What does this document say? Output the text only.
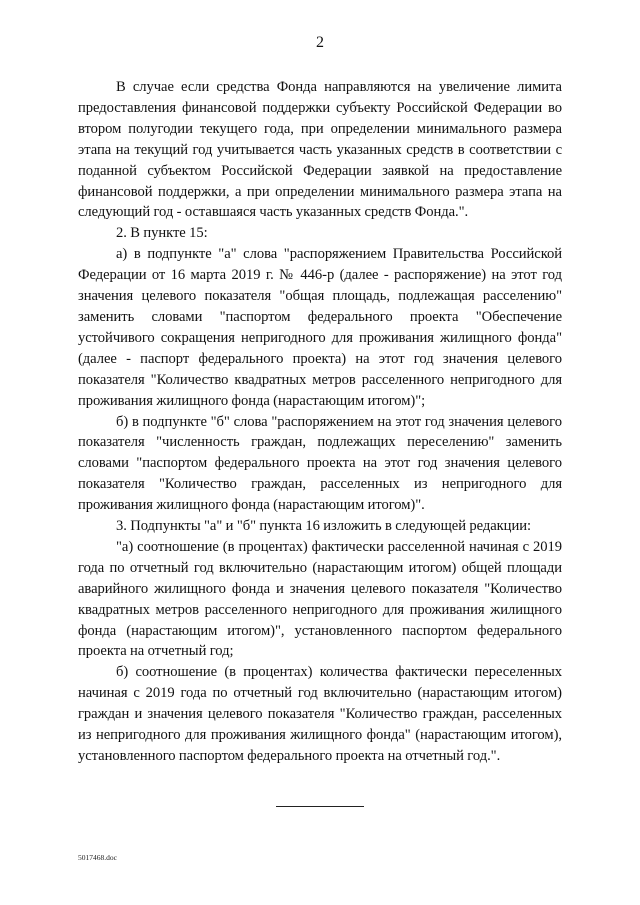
2

В случае если средства Фонда направляются на увеличение лимита предоставления финансовой поддержки субъекту Российской Федерации во втором полугодии текущего года, при определении минимального размера этапа на текущий год учитывается часть указанных средств в соответствии с поданной субъектом Российской Федерации заявкой на предоставление финансовой поддержки, а при определении минимального размера этапа на следующий год - оставшаяся часть указанных средств Фонда.".

2. В пункте 15:

а) в подпункте "а" слова "распоряжением Правительства Российской Федерации от 16 марта 2019 г. № 446-р (далее - распоряжение) на этот год значения целевого показателя "общая площадь, подлежащая расселению" заменить словами "паспортом федерального проекта "Обеспечение устойчивого сокращения непригодного для проживания жилищного фонда" (далее - паспорт федерального проекта) на этот год значения целевого показателя "Количество квадратных метров расселенного непригодного для проживания жилищного фонда (нарастающим итогом)";

б) в подпункте "б" слова "распоряжением на этот год значения целевого показателя "численность граждан, подлежащих переселению" заменить словами "паспортом федерального проекта на этот год значения целевого показателя "Количество граждан, расселенных из непригодного для проживания жилищного фонда (нарастающим итогом)".

3. Подпункты "а" и "б" пункта 16 изложить в следующей редакции:

"а) соотношение (в процентах) фактически расселенной начиная с 2019 года по отчетный год включительно (нарастающим итогом) общей площади аварийного жилищного фонда и значения целевого показателя "Количество квадратных метров расселенного непригодного для проживания жилищного фонда (нарастающим итогом)", установленного паспортом федерального проекта на отчетный год;

б) соотношение (в процентах) количества фактически переселенных начиная с 2019 года по отчетный год включительно (нарастающим итогом) граждан и значения целевого показателя "Количество граждан, расселенных из непригодного для проживания жилищного фонда" (нарастающим итогом), установленного паспортом федерального проекта на отчетный год.".

5017468.doc
